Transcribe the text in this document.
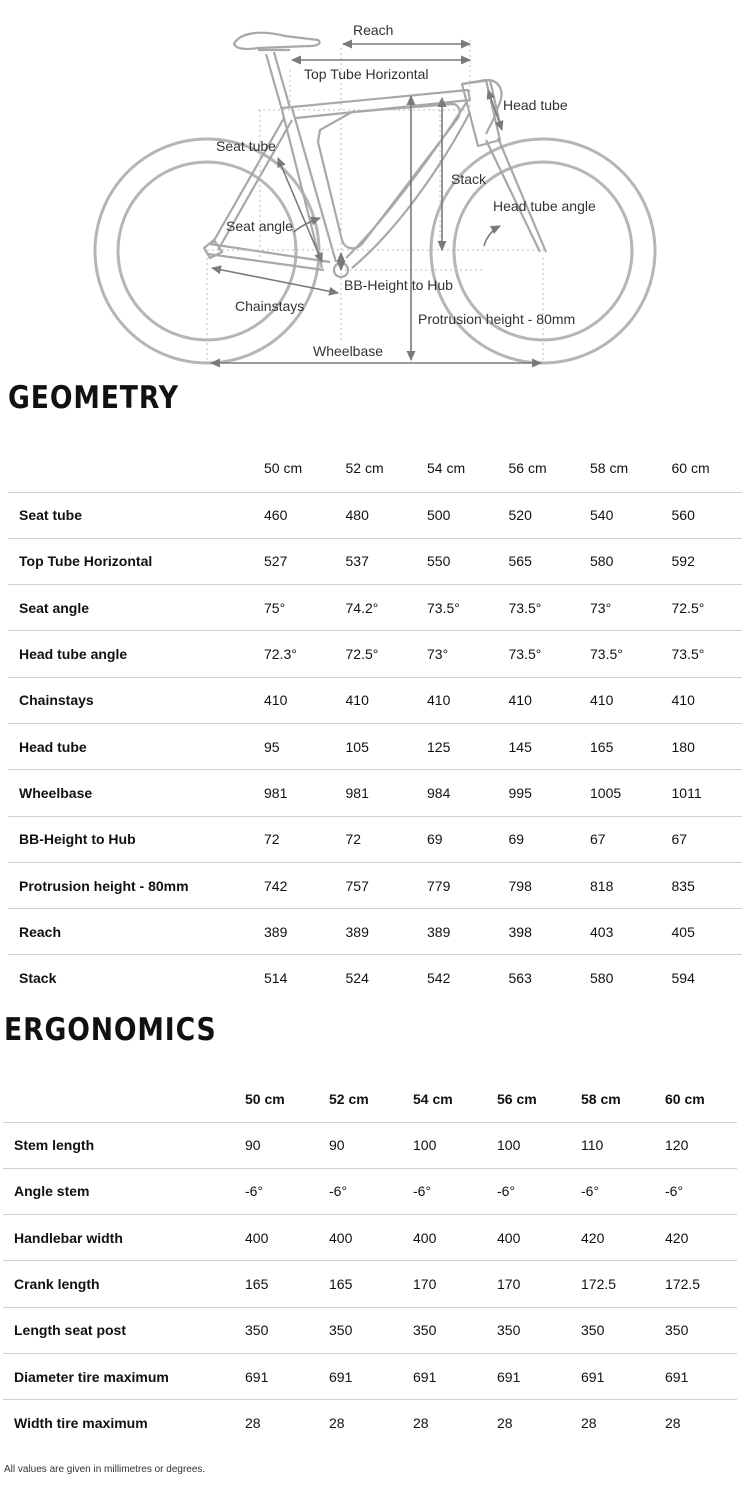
Reach
Top Tube Horizontal
Head tube
Seat tube
Stack
Head tube angle
Seat angle
BB-Height to Hub
Chainstays
Protrusion height - 80mm
Wheelbase
GEOMETRY
	50 cm	52 cm	54 cm	56 cm	58 cm	60 cm
Seat tube	460	480	500	520	540	560
Top Tube Horizontal	527	537	550	565	580	592
Seat angle	75°	74.2°	73.5°	73.5°	73°	72.5°
Head tube angle	72.3°	72.5°	73°	73.5°	73.5°	73.5°
Chainstays	410	410	410	410	410	410
Head tube	95	105	125	145	165	180
Wheelbase	981	981	984	995	1005	1011
BB-Height to Hub	72	72	69	69	67	67
Protrusion height - 80mm	742	757	779	798	818	835
Reach	389	389	389	398	403	405
Stack	514	524	542	563	580	594
ERGONOMICS
	50 cm	52 cm	54 cm	56 cm	58 cm	60 cm
Stem length	90	90	100	100	110	120
Angle stem	-6°	-6°	-6°	-6°	-6°	-6°
Handlebar width	400	400	400	400	420	420
Crank length	165	165	170	170	172.5	172.5
Length seat post	350	350	350	350	350	350
Diameter tire maximum	691	691	691	691	691	691
Width tire maximum	28	28	28	28	28	28
All values are given in millimetres or degrees.
